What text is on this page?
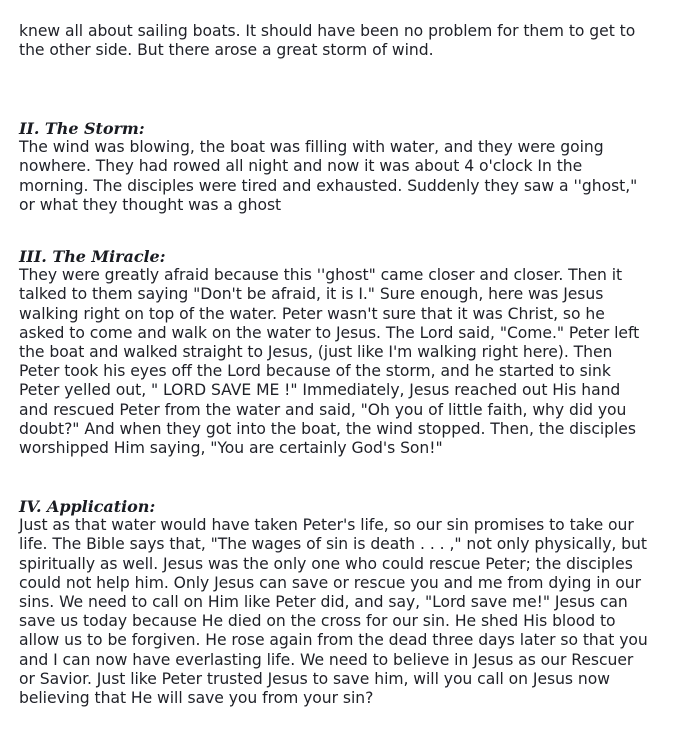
knew all about sailing boats. It should have been no problem for them to get to
the other side. But there arose a great storm of wind.
II. The Storm:
The wind was blowing, the boat was filling with water, and they were going
nowhere. They had rowed all night and now it was about 4 o'clock In the
morning. The disciples were tired and exhausted. Suddenly they saw a ''ghost,"
or what they thought was a ghost
III. The Miracle:
They were greatly afraid because this ''ghost" came closer and closer. Then it
talked to them saying "Don't be afraid, it is I." Sure enough, here was Jesus
walking right on top of the water. Peter wasn't sure that it was Christ, so he
asked to come and walk on the water to Jesus. The Lord said, "Come." Peter left
the boat and walked straight to Jesus, (just like I'm walking right here). Then
Peter took his eyes off the Lord because of the storm, and he started to sink
Peter yelled out, " LORD SAVE ME !" Immediately, Jesus reached out His hand
and rescued Peter from the water and said, "Oh you of little faith, why did you
doubt?" And when they got into the boat, the wind stopped. Then, the disciples
worshipped Him saying, "You are certainly God's Son!"
IV. Application:
Just as that water would have taken Peter's life, so our sin promises to take our
life. The Bible says that, "The wages of sin is death . . . ," not only physically, but
spiritually as well. Jesus was the only one who could rescue Peter; the disciples
could not help him. Only Jesus can save or rescue you and me from dying in our
sins. We need to call on Him like Peter did, and say, "Lord save me!" Jesus can
save us today because He died on the cross for our sin. He shed His blood to
allow us to be forgiven. He rose again from the dead three days later so that you
and I can now have everlasting life. We need to believe in Jesus as our Rescuer
or Savior. Just like Peter trusted Jesus to save him, will you call on Jesus now
believing that He will save you from your sin?
